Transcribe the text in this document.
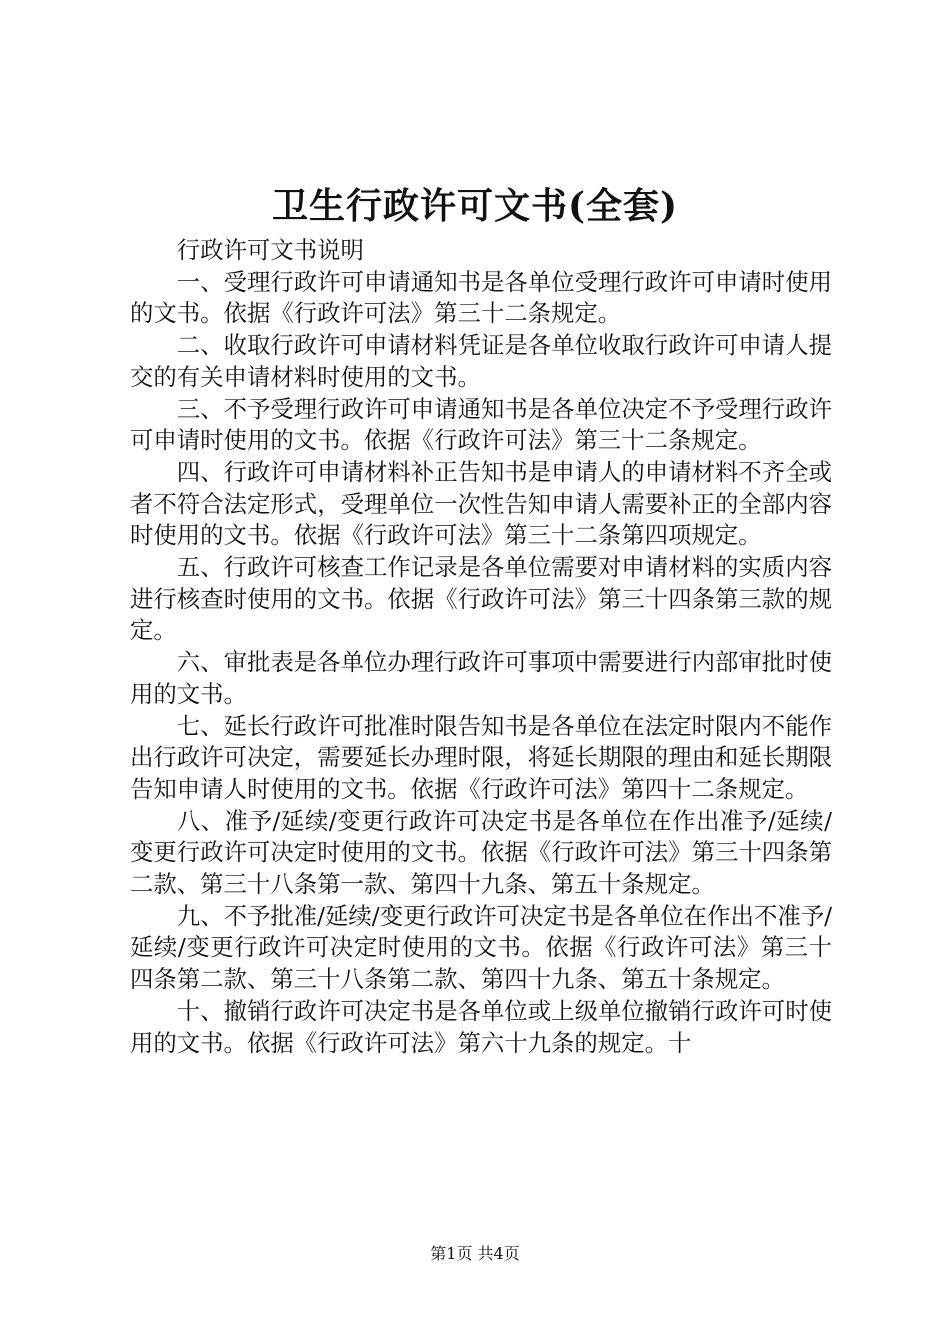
卫生行政许可文书(全套)

行政许可文书说明

一、受理行政许可申请通知书是各单位受理行政许可申请时使用的文书。依据《行政许可法》第三十二条规定。

二、收取行政许可申请材料凭证是各单位收取行政许可申请人提交的有关申请材料时使用的文书。

三、不予受理行政许可申请通知书是各单位决定不予受理行政许可申请时使用的文书。依据《行政许可法》第三十二条规定。

四、行政许可申请材料补正告知书是申请人的申请材料不齐全或者不符合法定形式，受理单位一次性告知申请人需要补正的全部内容时使用的文书。依据《行政许可法》第三十二条第四项规定。

五、行政许可核查工作记录是各单位需要对申请材料的实质内容进行核查时使用的文书。依据《行政许可法》第三十四条第三款的规定。

六、审批表是各单位办理行政许可事项中需要进行内部审批时使用的文书。

七、延长行政许可批准时限告知书是各单位在法定时限内不能作出行政许可决定，需要延长办理时限，将延长期限的理由和延长期限告知申请人时使用的文书。依据《行政许可法》第四十二条规定。

八、准予/延续/变更行政许可决定书是各单位在作出准予/延续/变更行政许可决定时使用的文书。依据《行政许可法》第三十四条第二款、第三十八条第一款、第四十九条、第五十条规定。

九、不予批准/延续/变更行政许可决定书是各单位在作出不准予/延续/变更行政许可决定时使用的文书。依据《行政许可法》第三十四条第二款、第三十八条第二款、第四十九条、第五十条规定。

十、撤销行政许可决定书是各单位或上级单位撤销行政许可时使用的文书。依据《行政许可法》第六十九条的规定。十

第1页 共4页
